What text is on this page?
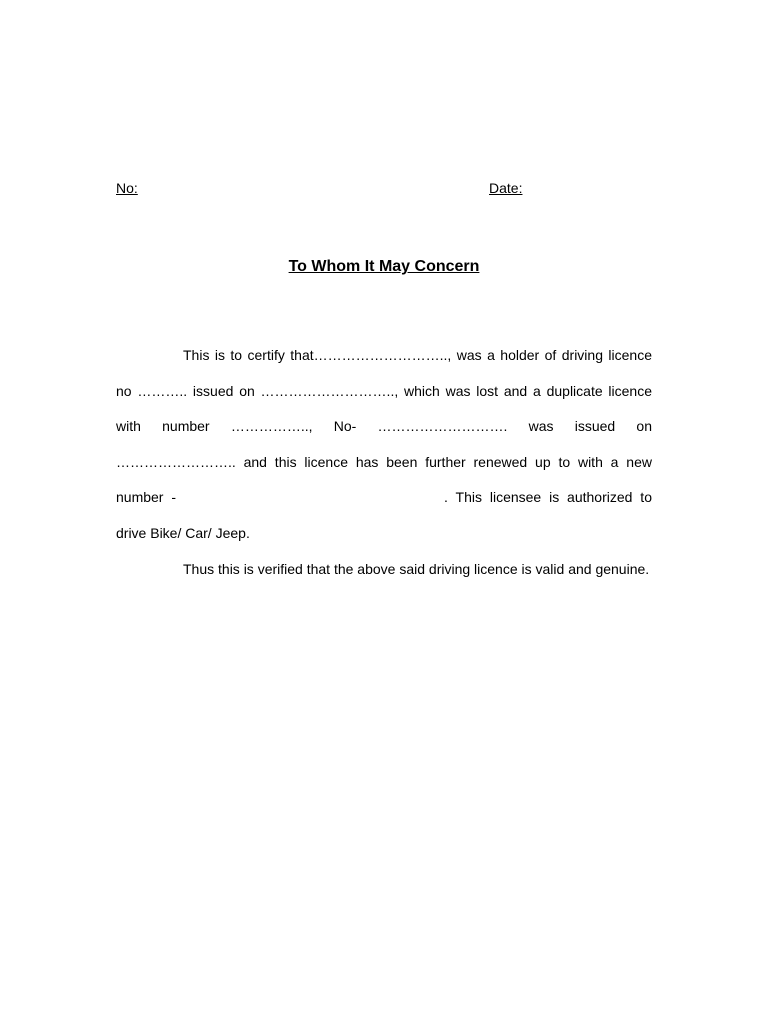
No:	Date:
To Whom It May Concern

This is to certify that……………………….., was a holder of driving licence no ……….. issued on ……………………….., which was lost and a duplicate licence with number …………….., No- ………………………. was issued on …………………….. and this licence has been further renewed up to with a new number -	. This licensee is authorized to drive Bike/ Car/ Jeep.

Thus this is verified that the above said driving licence is valid and genuine.
